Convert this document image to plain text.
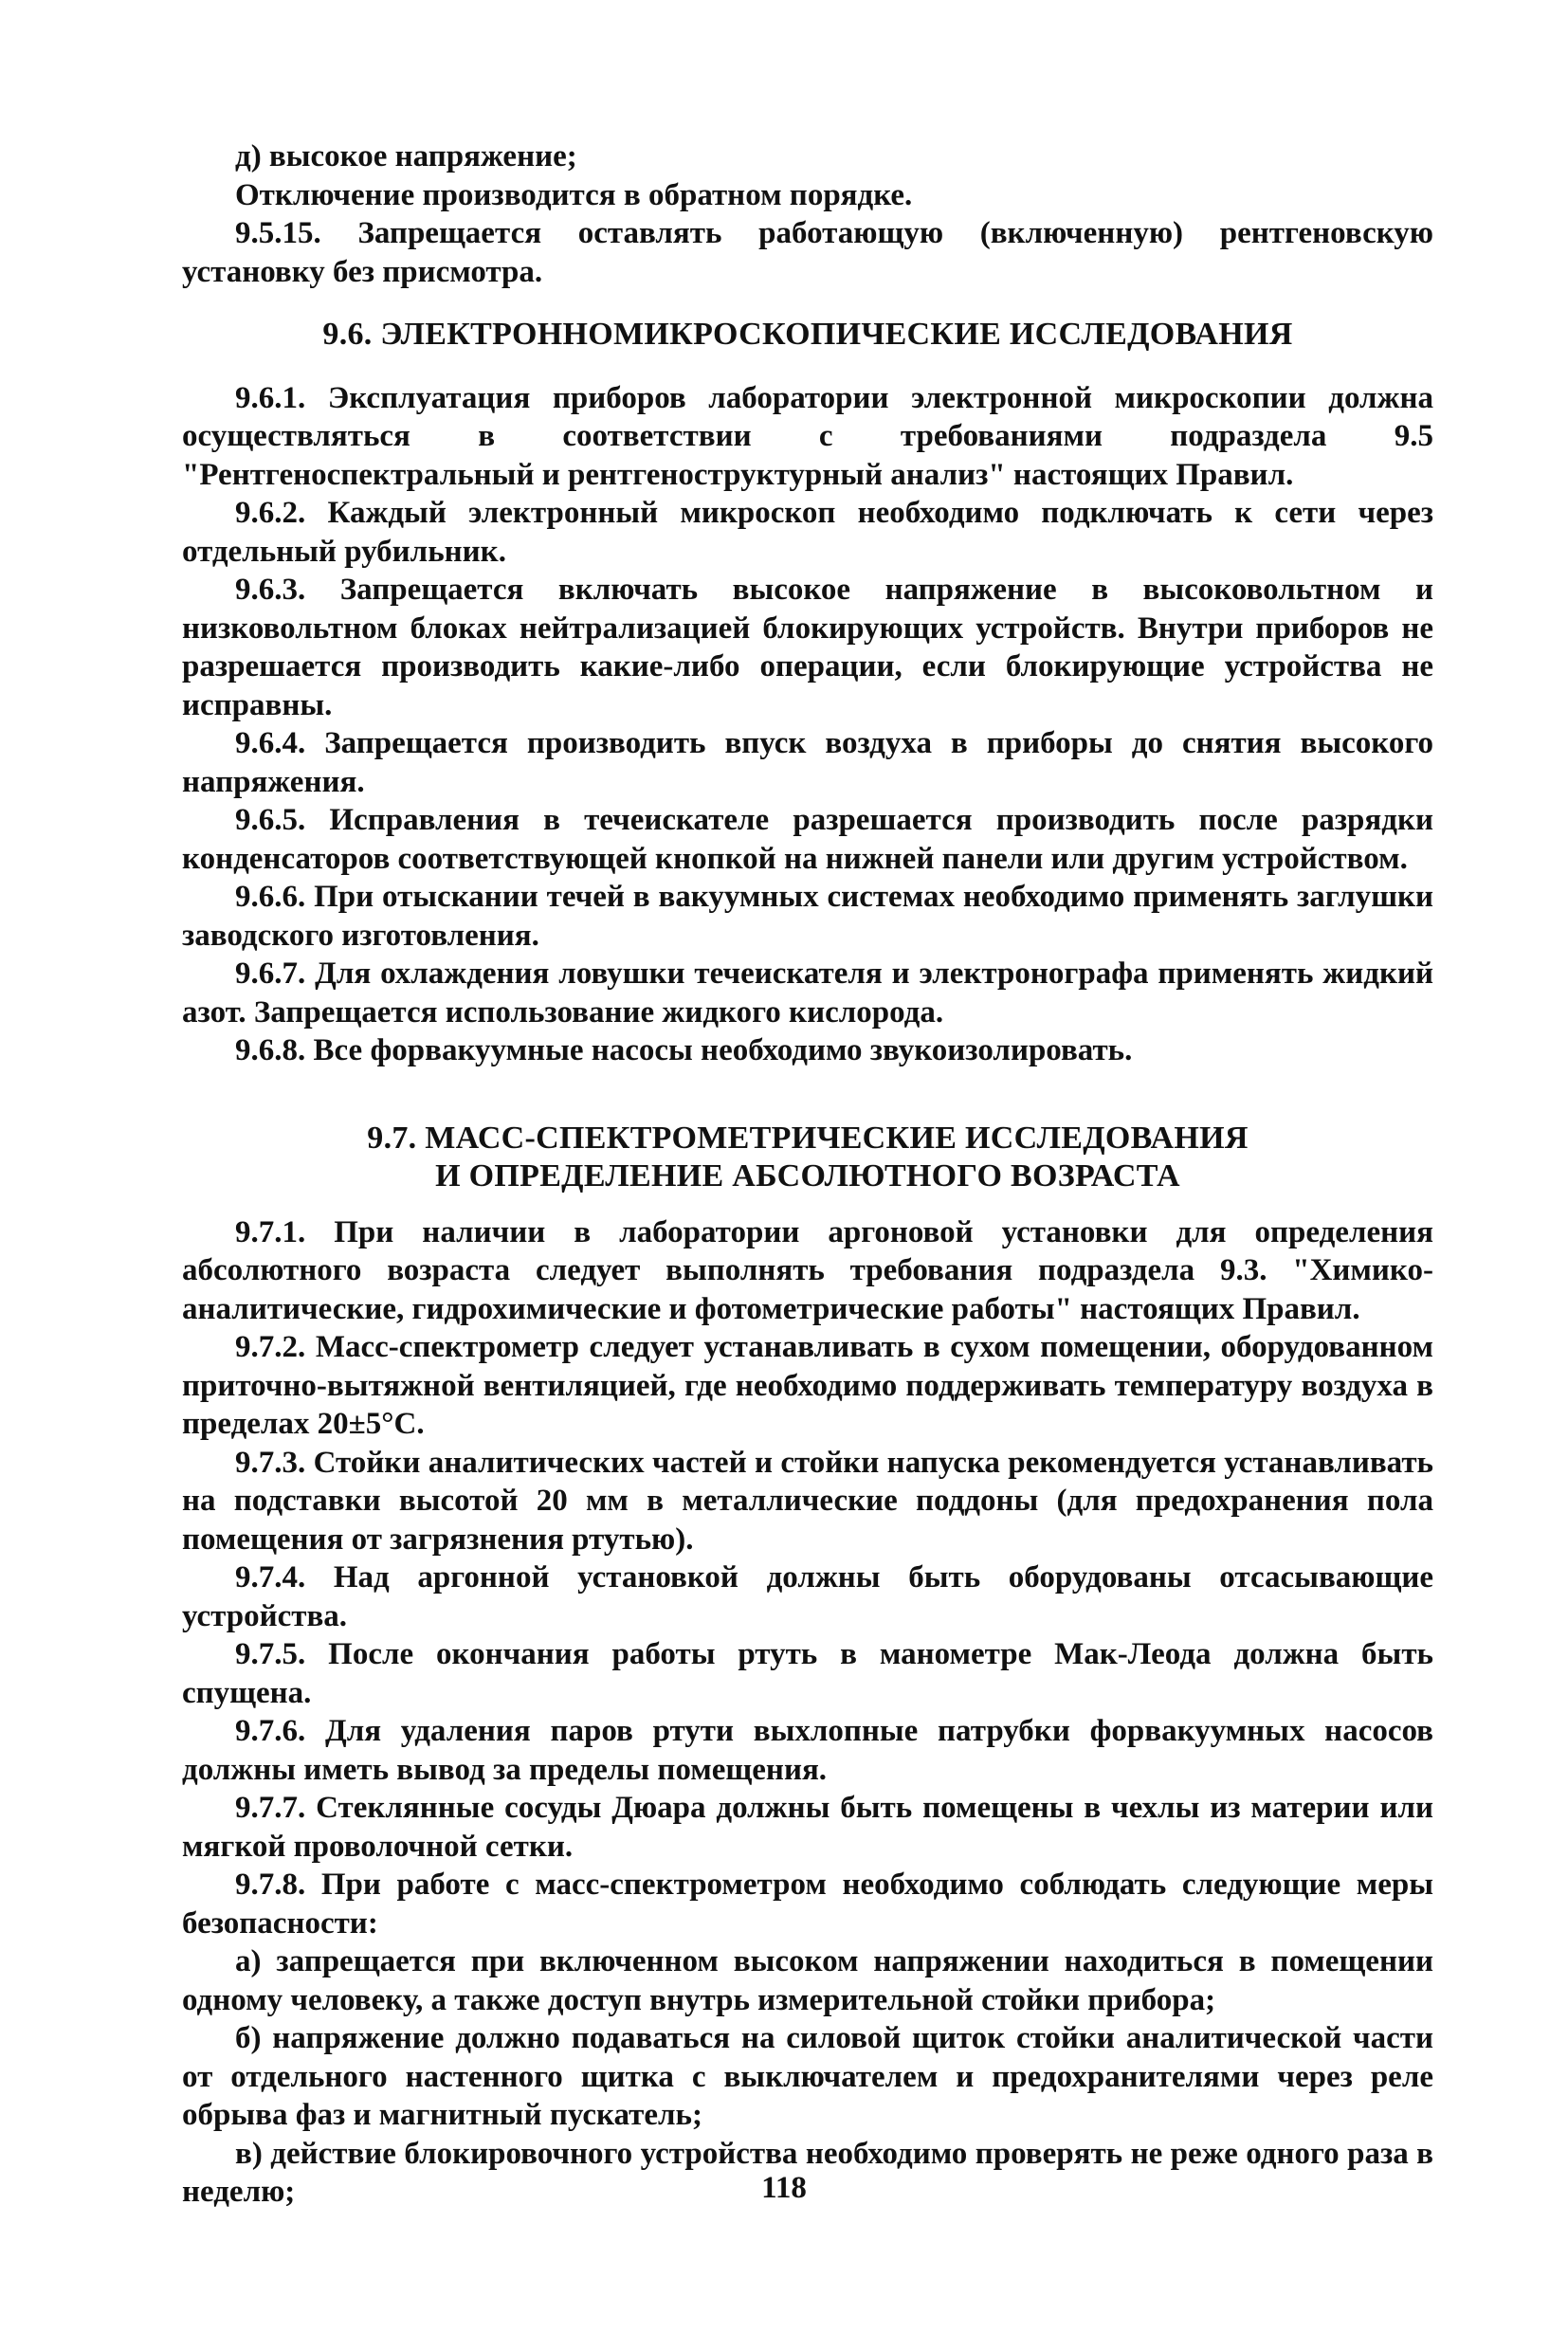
д) высокое напряжение;

Отключение производится в обратном порядке.

9.5.15. Запрещается оставлять работающую (включенную) рентгеновскую установку без присмотра.

9.6. ЭЛЕКТРОННОМИКРОСКОПИЧЕСКИЕ ИССЛЕДОВАНИЯ

9.6.1. Эксплуатация приборов лаборатории электронной микроскопии должна осуществляться в соответствии с требованиями подраздела 9.5 "Рентгеноспектральный и рентгеноструктурный анализ" настоящих Правил.

9.6.2. Каждый электронный микроскоп необходимо подключать к сети через отдельный рубильник.

9.6.3. Запрещается включать высокое напряжение в высоковольтном и низковольтном блоках нейтрализацией блокирующих устройств. Внутри приборов не разрешается производить какие-либо операции, если блокирующие устройства не исправны.

9.6.4. Запрещается производить впуск воздуха в приборы до снятия высокого напряжения.

9.6.5. Исправления в течеискателе разрешается производить после разрядки конденсаторов соответствующей кнопкой на нижней панели или другим устройством.

9.6.6. При отыскании течей в вакуумных системах необходимо применять заглушки заводского изготовления.

9.6.7. Для охлаждения ловушки течеискателя и электронографа применять жидкий азот. Запрещается использование жидкого кислорода.

9.6.8. Все форвакуумные насосы необходимо звукоизолировать.

9.7. МАСС-СПЕКТРОМЕТРИЧЕСКИЕ ИССЛЕДОВАНИЯ
И ОПРЕДЕЛЕНИЕ АБСОЛЮТНОГО ВОЗРАСТА

9.7.1. При наличии в лаборатории аргоновой установки для определения абсолютного возраста следует выполнять требования подраздела 9.3. "Химико-аналитические, гидрохимические и фотометрические работы" настоящих Правил.

9.7.2. Масс-спектрометр следует устанавливать в сухом помещении, оборудованном приточно-вытяжной вентиляцией, где необходимо поддерживать температуру воздуха в пределах 20±5°С.

9.7.3. Стойки аналитических частей и стойки напуска рекомендуется устанавливать на подставки высотой 20 мм в металлические поддоны (для предохранения пола помещения от загрязнения ртутью).

9.7.4. Над аргонной установкой должны быть оборудованы отсасывающие устройства.

9.7.5. После окончания работы ртуть в манометре Мак-Леода должна быть спущена.

9.7.6. Для удаления паров ртути выхлопные патрубки форвакуумных насосов должны иметь вывод за пределы помещения.

9.7.7. Стеклянные сосуды Дюара должны быть помещены в чехлы из материи или мягкой проволочной сетки.

9.7.8. При работе с масс-спектрометром необходимо соблюдать следующие меры безопасности:

а) запрещается при включенном высоком напряжении находиться в помещении одному человеку, а также доступ внутрь измерительной стойки прибора;

б) напряжение должно подаваться на силовой щиток стойки аналитической части от отдельного настенного щитка с выключателем и предохранителями через реле обрыва фаз и магнитный пускатель;

в) действие блокировочного устройства необходимо проверять не реже одного раза в неделю;	118
